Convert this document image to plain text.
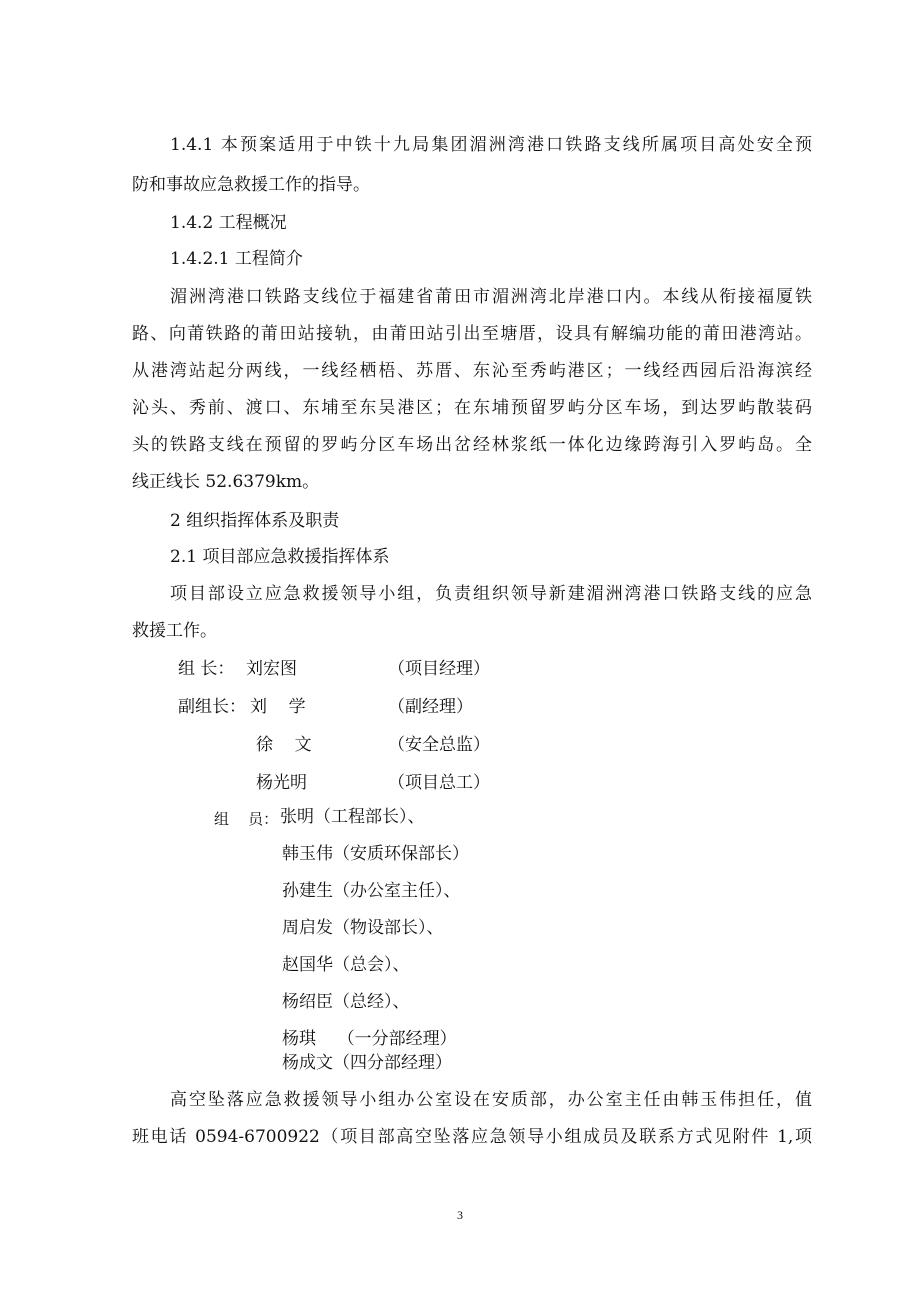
1.4.1 本预案适用于中铁十九局集团湄洲湾港口铁路支线所属项目高处安全预
防和事故应急救援工作的指导。
1.4.2 工程概况
1.4.2.1 工程简介
湄洲湾港口铁路支线位于福建省莆田市湄洲湾北岸港口内。本线从衔接福厦铁
路、向莆铁路的莆田站接轨，由莆田站引出至塘厝，设具有解编功能的莆田港湾站。
从港湾站起分两线，一线经栖梧、苏厝、东沁至秀屿港区；一线经西园后沿海滨经
沁头、秀前、渡口、东埔至东吴港区；在东埔预留罗屿分区车场，到达罗屿散装码
头的铁路支线在预留的罗屿分区车场出岔经林浆纸一体化边缘跨海引入罗屿岛。全
线正线长 52.6379km。
2 组织指挥体系及职责
2.1 项目部应急救援指挥体系
项目部设立应急救援领导小组，负责组织领导新建湄洲湾港口铁路支线的应急
救援工作。
组 长： 刘宏图	（项目经理）
副组长： 刘    学	（副经理）
徐    文	（安全总监）
杨光明	（项目总工）
组    员： 张明（工程部长）、
韩玉伟（安质环保部长）
孙建生（办公室主任）、
周启发（物设部长）、
赵国华（总会）、
杨绍臣（总经）、
杨琪    （一分部经理）
杨成文（四分部经理）
高空坠落应急救援领导小组办公室设在安质部，办公室主任由韩玉伟担任，值
班电话 0594-6700922（项目部高空坠落应急领导小组成员及联系方式见附件 1,项
3
